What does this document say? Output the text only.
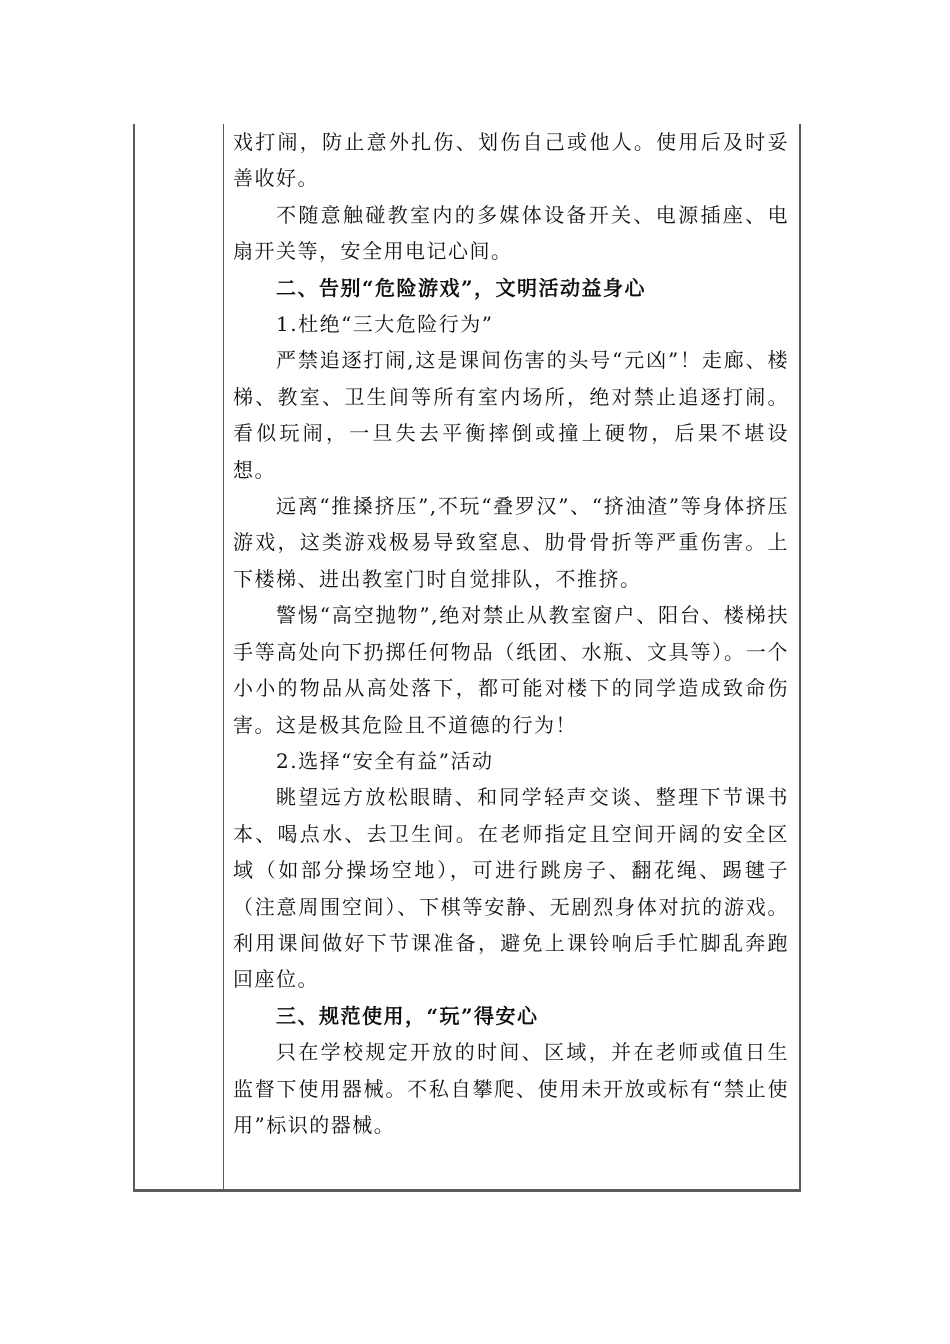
戏打闹，防止意外扎伤、划伤自己或他人。使用后及时妥善收好。

不随意触碰教室内的多媒体设备开关、电源插座、电扇开关等，安全用电记心间。

二、告别“危险游戏”，文明活动益身心

1.杜绝“三大危险行为”

严禁追逐打闹,这是课间伤害的头号“元凶”！走廊、楼梯、教室、卫生间等所有室内场所，绝对禁止追逐打闹。看似玩闹，一旦失去平衡摔倒或撞上硬物，后果不堪设想。

远离“推搡挤压”,不玩“叠罗汉”、“挤油渣”等身体挤压游戏，这类游戏极易导致窒息、肋骨骨折等严重伤害。上下楼梯、进出教室门时自觉排队，不推挤。

警惕“高空抛物”,绝对禁止从教室窗户、阳台、楼梯扶手等高处向下扔掷任何物品（纸团、水瓶、文具等）。一个小小的物品从高处落下，都可能对楼下的同学造成致命伤害。这是极其危险且不道德的行为！

2.选择“安全有益”活动

眺望远方放松眼睛、和同学轻声交谈、整理下节课书本、喝点水、去卫生间。在老师指定且空间开阔的安全区域（如部分操场空地），可进行跳房子、翻花绳、踢毽子（注意周围空间）、下棋等安静、无剧烈身体对抗的游戏。利用课间做好下节课准备，避免上课铃响后手忙脚乱奔跑回座位。

三、规范使用，“玩”得安心

只在学校规定开放的时间、区域，并在老师或值日生监督下使用器械。不私自攀爬、使用未开放或标有“禁止使用”标识的器械。
